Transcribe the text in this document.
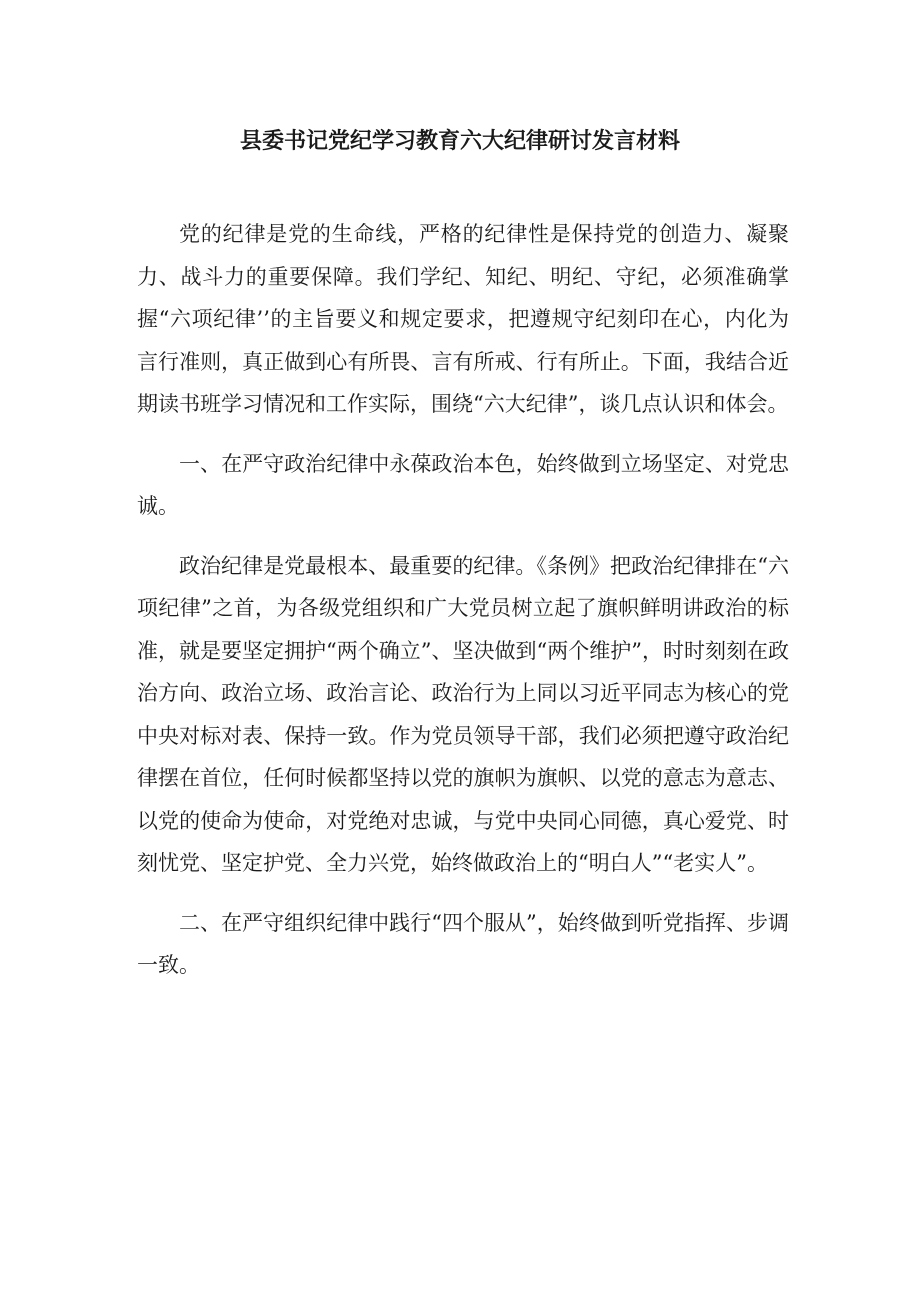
县委书记党纪学习教育六大纪律研讨发言材料

党的纪律是党的生命线，严格的纪律性是保持党的创造力、凝聚力、战斗力的重要保障。我们学纪、知纪、明纪、守纪，必须准确掌握“六项纪律’’的主旨要义和规定要求，把遵规守纪刻印在心，内化为言行准则，真正做到心有所畏、言有所戒、行有所止。下面，我结合近期读书班学习情况和工作实际，围绕“六大纪律”，谈几点认识和体会。

一、在严守政治纪律中永葆政治本色，始终做到立场坚定、对党忠诚。

政治纪律是党最根本、最重要的纪律。《条例》把政治纪律排在“六项纪律”之首，为各级党组织和广大党员树立起了旗帜鲜明讲政治的标准，就是要坚定拥护“两个确立”、坚决做到“两个维护”，时时刻刻在政治方向、政治立场、政治言论、政治行为上同以习近平同志为核心的党中央对标对表、保持一致。作为党员领导干部，我们必须把遵守政治纪律摆在首位，任何时候都坚持以党的旗帜为旗帜、以党的意志为意志、以党的使命为使命，对党绝对忠诚，与党中央同心同德，真心爱党、时刻忧党、坚定护党、全力兴党，始终做政治上的“明白人”“老实人”。

二、在严守组织纪律中践行“四个服从”，始终做到听党指挥、步调一致。
